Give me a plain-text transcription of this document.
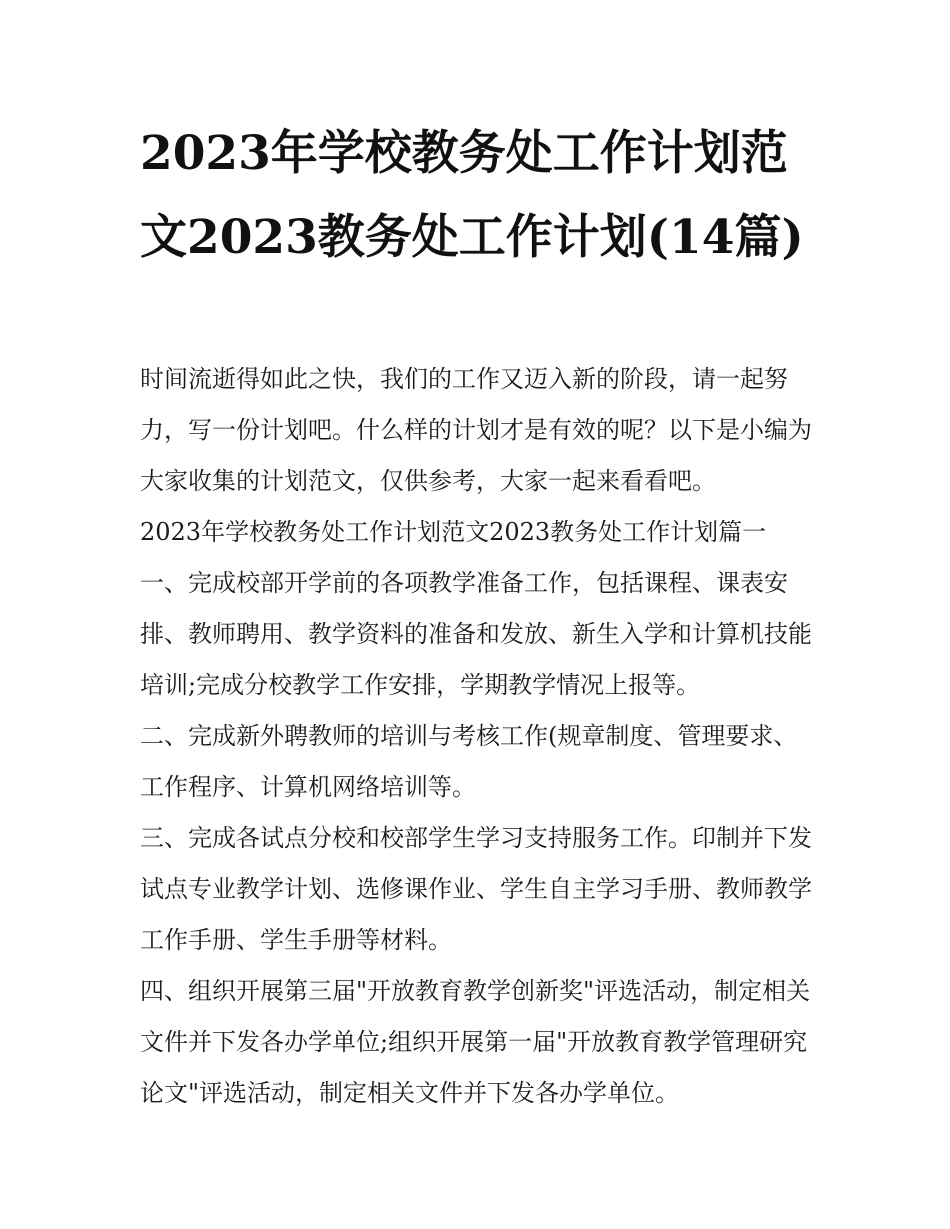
2023年学校教务处工作计划范文2023教务处工作计划(14篇)

时间流逝得如此之快，我们的工作又迈入新的阶段，请一起努力，写一份计划吧。什么样的计划才是有效的呢？以下是小编为大家收集的计划范文，仅供参考，大家一起来看看吧。

2023年学校教务处工作计划范文2023教务处工作计划篇一

一、完成校部开学前的各项教学准备工作，包括课程、课表安排、教师聘用、教学资料的准备和发放、新生入学和计算机技能培训;完成分校教学工作安排，学期教学情况上报等。

二、完成新外聘教师的培训与考核工作(规章制度、管理要求、工作程序、计算机网络培训等。

三、完成各试点分校和校部学生学习支持服务工作。印制并下发试点专业教学计划、选修课作业、学生自主学习手册、教师教学工作手册、学生手册等材料。

四、组织开展第三届"开放教育教学创新奖"评选活动，制定相关文件并下发各办学单位;组织开展第一届"开放教育教学管理研究论文"评选活动，制定相关文件并下发各办学单位。
